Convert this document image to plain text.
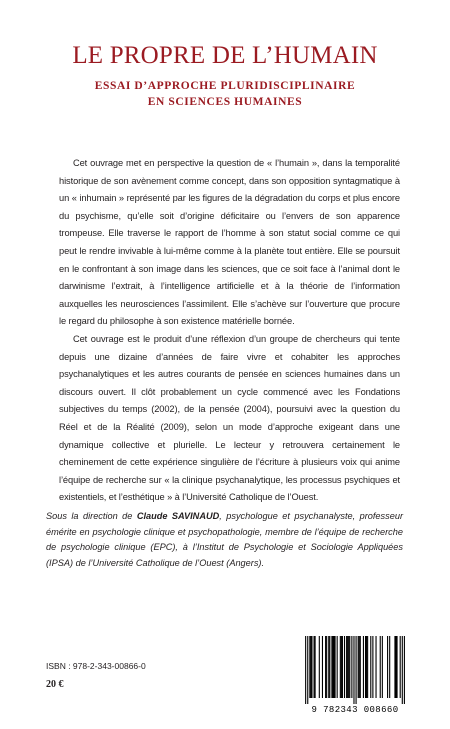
LE PROPRE DE L’HUMAIN
ESSAI D’APPROCHE PLURIDISCIPLINAIRE
EN SCIENCES HUMAINES

Cet ouvrage met en perspective la question de « l’humain », dans la temporalité historique de son avènement comme concept, dans son opposition syntagmatique à un « inhumain » représenté par les figures de la dégradation du corps et plus encore du psychisme, qu’elle soit d’origine déficitaire ou l’envers de son apparence trompeuse. Elle traverse le rapport de l’homme à son statut social comme ce qui peut le rendre invivable à lui-même comme à la planète tout entière. Elle se poursuit en le confrontant à son image dans les sciences, que ce soit face à l’animal dont le darwinisme l’extrait, à l’intelligence artificielle et à la théorie de l’information auxquelles les neurosciences l’assimilent. Elle s’achève sur l’ouverture que procure le regard du philosophe à son existence matérielle bornée.

Cet ouvrage est le produit d’une réflexion d’un groupe de chercheurs qui tente depuis une dizaine d’années de faire vivre et cohabiter les approches psychanalytiques et les autres courants de pensée en sciences humaines dans un discours ouvert. Il clôt probablement un cycle commencé avec les Fondations subjectives du temps (2002), de la pensée (2004), poursuivi avec la question du Réel et de la Réalité (2009), selon un mode d’approche exigeant dans une dynamique collective et plurielle. Le lecteur y retrouvera certainement le cheminement de cette expérience singulière de l’écriture à plusieurs voix qui anime l’équipe de recherche sur « la clinique psychanalytique, les processus psychiques et existentiels, et l’esthétique » à l’Université Catholique de l’Ouest.

Sous la direction de Claude SAVINAUD, psychologue et psychanalyste, professeur émérite en psychologie clinique et psychopathologie, membre de l’équipe de recherche de psychologie clinique (EPC), à l’Institut de Psychologie et Sociologie Appliquées (IPSA) de l’Université Catholique de l’Ouest (Angers).
ISBN : 978-2-343-00866-0
20 €
9 782343 008660
